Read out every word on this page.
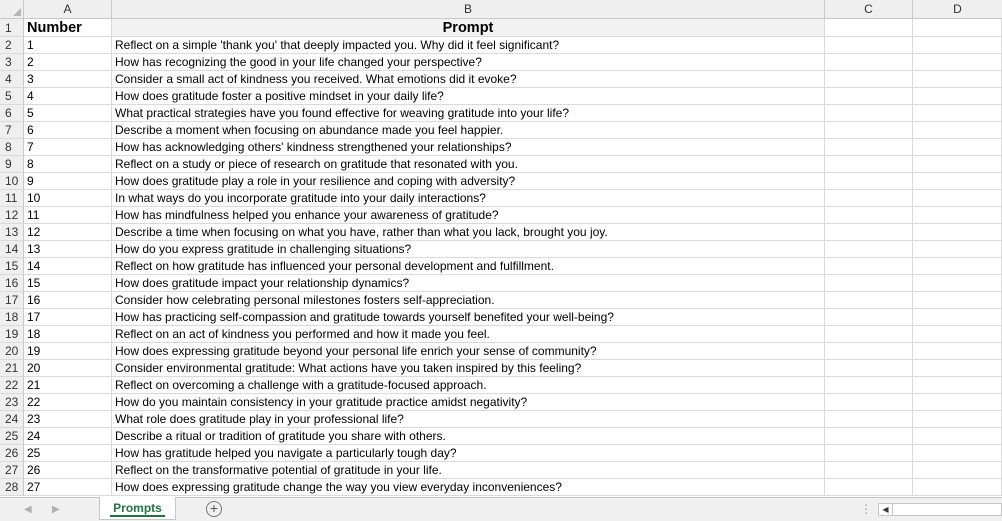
A	B	C	D
1	Number	Prompt
2	1	Reflect on a simple 'thank you' that deeply impacted you. Why did it feel significant?
3	2	How has recognizing the good in your life changed your perspective?
4	3	Consider a small act of kindness you received. What emotions did it evoke?
5	4	How does gratitude foster a positive mindset in your daily life?
6	5	What practical strategies have you found effective for weaving gratitude into your life?
7	6	Describe a moment when focusing on abundance made you feel happier.
8	7	How has acknowledging others' kindness strengthened your relationships?
9	8	Reflect on a study or piece of research on gratitude that resonated with you.
10 9	How does gratitude play a role in your resilience and coping with adversity?
11 10	In what ways do you incorporate gratitude into your daily interactions?
12 11	How has mindfulness helped you enhance your awareness of gratitude?
13 12	Describe a time when focusing on what you have, rather than what you lack, brought you joy.
14 13	How do you express gratitude in challenging situations?
15 14	Reflect on how gratitude has influenced your personal development and fulfillment.
16 15	How does gratitude impact your relationship dynamics?
17 16	Consider how celebrating personal milestones fosters self-appreciation.
18 17	How has practicing self-compassion and gratitude towards yourself benefited your well-being?
19 18	Reflect on an act of kindness you performed and how it made you feel.
20 19	How does expressing gratitude beyond your personal life enrich your sense of community?
21 20	Consider environmental gratitude: What actions have you taken inspired by this feeling?
22 21	Reflect on overcoming a challenge with a gratitude-focused approach.
23 22	How do you maintain consistency in your gratitude practice amidst negativity?
24 23	What role does gratitude play in your professional life?
25 24	Describe a ritual or tradition of gratitude you share with others.
26 25	How has gratitude helped you navigate a particularly tough day?
27 26	Reflect on the transformative potential of gratitude in your life.
28 27	How does expressing gratitude change the way you view everyday inconveniences?
◀ ▶	Prompts	+	⋮	◀
